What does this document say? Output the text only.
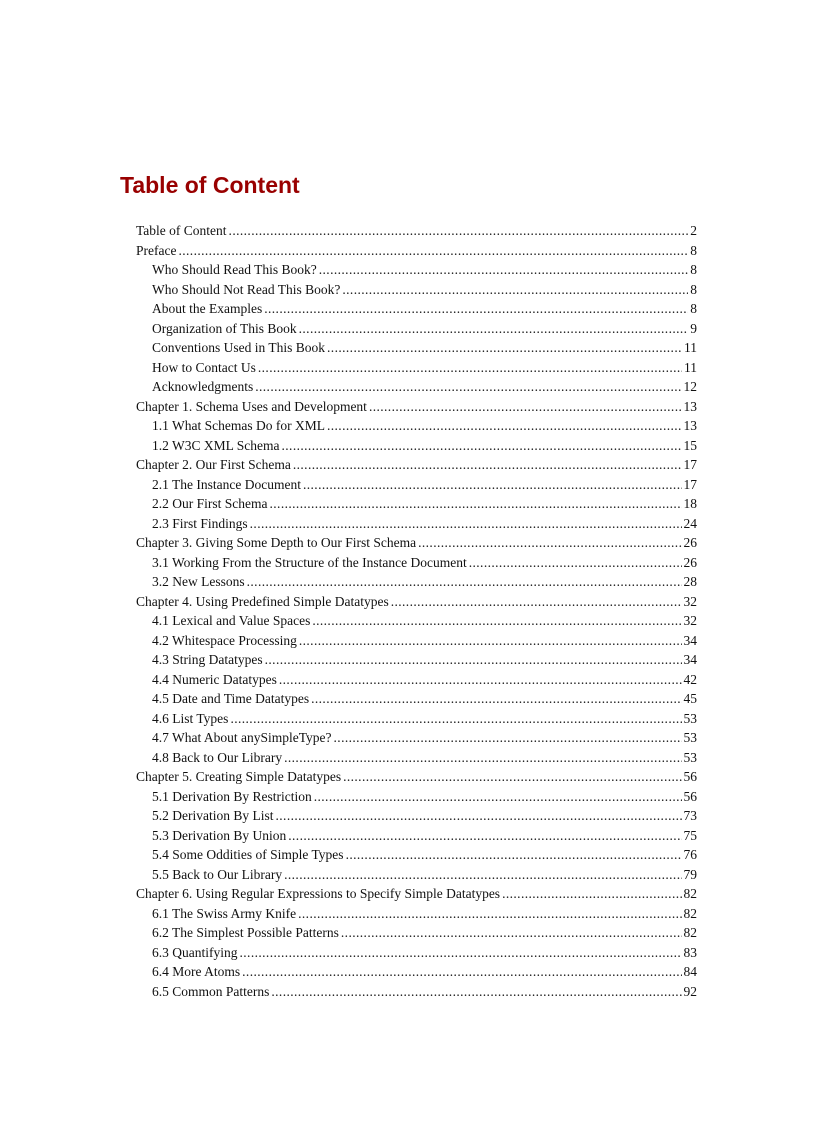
Table of Content
Table of Content .....	2
Preface .....	8
Who Should Read This Book? .....	8
Who Should Not Read This Book? .....	8
About the Examples .....	8
Organization of This Book .....	9
Conventions Used in This Book .....	11
How to Contact Us .....	11
Acknowledgments .....	12
Chapter 1. Schema Uses and Development .....	13
1.1 What Schemas Do for XML .....	13
1.2 W3C XML Schema .....	15
Chapter 2. Our First Schema .....	17
2.1 The Instance Document .....	17
2.2 Our First Schema .....	18
2.3 First Findings .....	24
Chapter 3. Giving Some Depth to Our First Schema .....	26
3.1 Working From the Structure of the Instance Document .....	26
3.2 New Lessons .....	28
Chapter 4. Using Predefined Simple Datatypes .....	32
4.1 Lexical and Value Spaces .....	32
4.2 Whitespace Processing .....	34
4.3 String Datatypes .....	34
4.4 Numeric Datatypes .....	42
4.5 Date and Time Datatypes .....	45
4.6 List Types .....	53
4.7 What About anySimpleType? .....	53
4.8 Back to Our Library .....	53
Chapter 5. Creating Simple Datatypes .....	56
5.1 Derivation By Restriction .....	56
5.2 Derivation By List .....	73
5.3 Derivation By Union .....	75
5.4 Some Oddities of Simple Types .....	76
5.5 Back to Our Library .....	79
Chapter 6. Using Regular Expressions to Specify Simple Datatypes .....	82
6.1 The Swiss Army Knife .....	82
6.2 The Simplest Possible Patterns .....	82
6.3 Quantifying .....	83
6.4 More Atoms .....	84
6.5 Common Patterns .....	92
